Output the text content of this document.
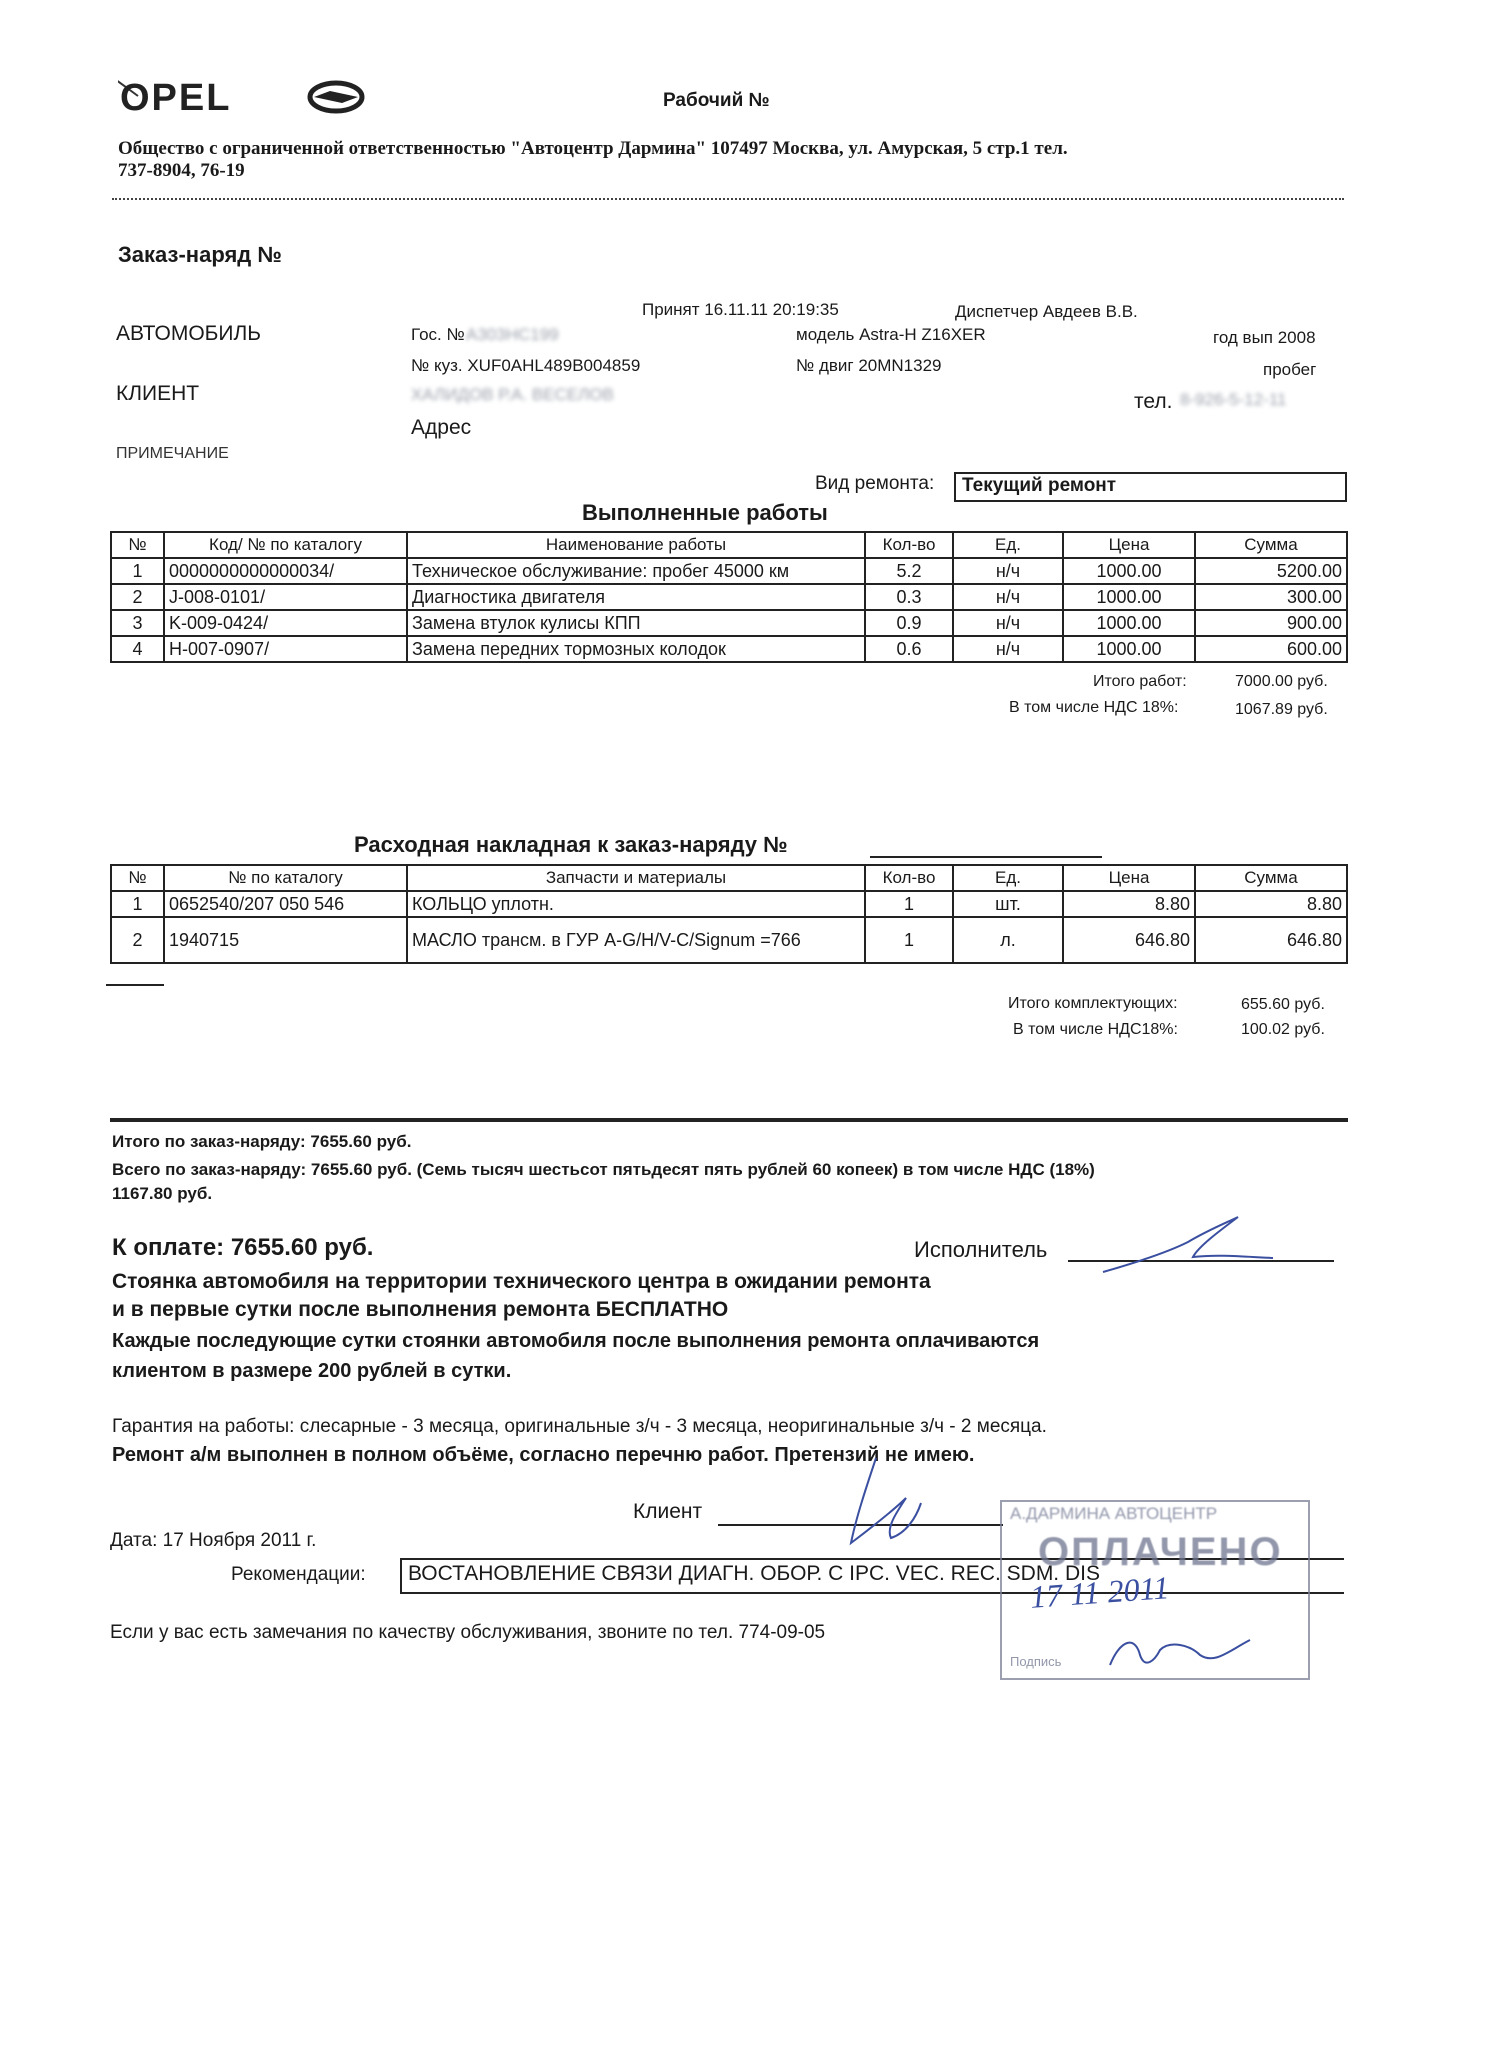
OPEL	Рабочий №
Общество с ограниченной ответственностью "Автоцентр Дармина" 107497 Москва, ул. Амурская, 5 стр.1 тел.
737-8904, 76-19
Заказ-наряд №
Принят 16.11.11 20:19:35	Диспетчер Авдеев В.В.
АВТОМОБИЛЬ	Гос. № А303НС199	модель Astra-H Z16XER	год вып 2008
№ куз. XUF0AHL489B004859	№ двиг 20MN1329	пробег
КЛИЕНТ	ХАЛИДОВ Р.А. ВЕСЕЛОВ	тел. 8-926-5-12-11
Адрес
ПРИМЕЧАНИЕ
Вид ремонта:	Текущий ремонт
Выполненные работы
№	Код/ № по каталогу	Наименование работы	Кол-во	Ед.	Цена	Сумма
1	0000000000000034/	Техническое обслуживание: пробег 45000 км	5.2	н/ч	1000.00	5200.00
2	J-008-0101/	Диагностика двигателя	0.3	н/ч	1000.00	300.00
3	K-009-0424/	Замена втулок кулисы КПП	0.9	н/ч	1000.00	900.00
4	H-007-0907/	Замена передних тормозных колодок	0.6	н/ч	1000.00	600.00
Итого работ:	7000.00 руб.
В том числе НДС 18%:	1067.89 руб.
Расходная накладная к заказ-наряду №
№	№ по каталогу	Запчасти и материалы	Кол-во	Ед.	Цена	Сумма
1	0652540/207 050 546	КОЛЬЦО уплотн.	1	шт.	8.80	8.80
2	1940715	МАСЛО трансм. в ГУР A-G/H/V-C/Signum =766	1	л.	646.80	646.80
Итого комплектующих:	655.60 руб.
В том числе НДС18%:	100.02 руб.
Итого по заказ-наряду: 7655.60 руб.
Всего по заказ-наряду: 7655.60 руб. (Семь тысяч шестьсот пятьдесят пять рублей 60 копеек) в том числе НДС (18%)
1167.80 руб.
К оплате: 7655.60 руб.	Исполнитель
Стоянка автомобиля на территории технического центра в ожидании ремонта
и в первые сутки после выполнения ремонта БЕСПЛАТНО
Каждые последующие сутки стоянки автомобиля после выполнения ремонта оплачиваются
клиентом в размере 200 рублей в сутки.
Гарантия на работы: слесарные - 3 месяца, оригинальные з/ч - 3 месяца, неоригинальные з/ч - 2 месяца.
Ремонт а/м выполнен в полном объёме, согласно перечню работ. Претензий не имею.
Клиент
Дата: 17 Ноября 2011 г.
Рекомендации:	ВОСТАНОВЛЕНИЕ СВЯЗИ ДИАГН. ОБОР. С IPC. VEC. REC. SDM. DIS
Если у вас есть замечания по качеству обслуживания, звоните по тел. 774-09-05
А.ДАРМИНА АВТОЦЕНТР
ОПЛАЧЕНО
Подпись
17 11 2011
